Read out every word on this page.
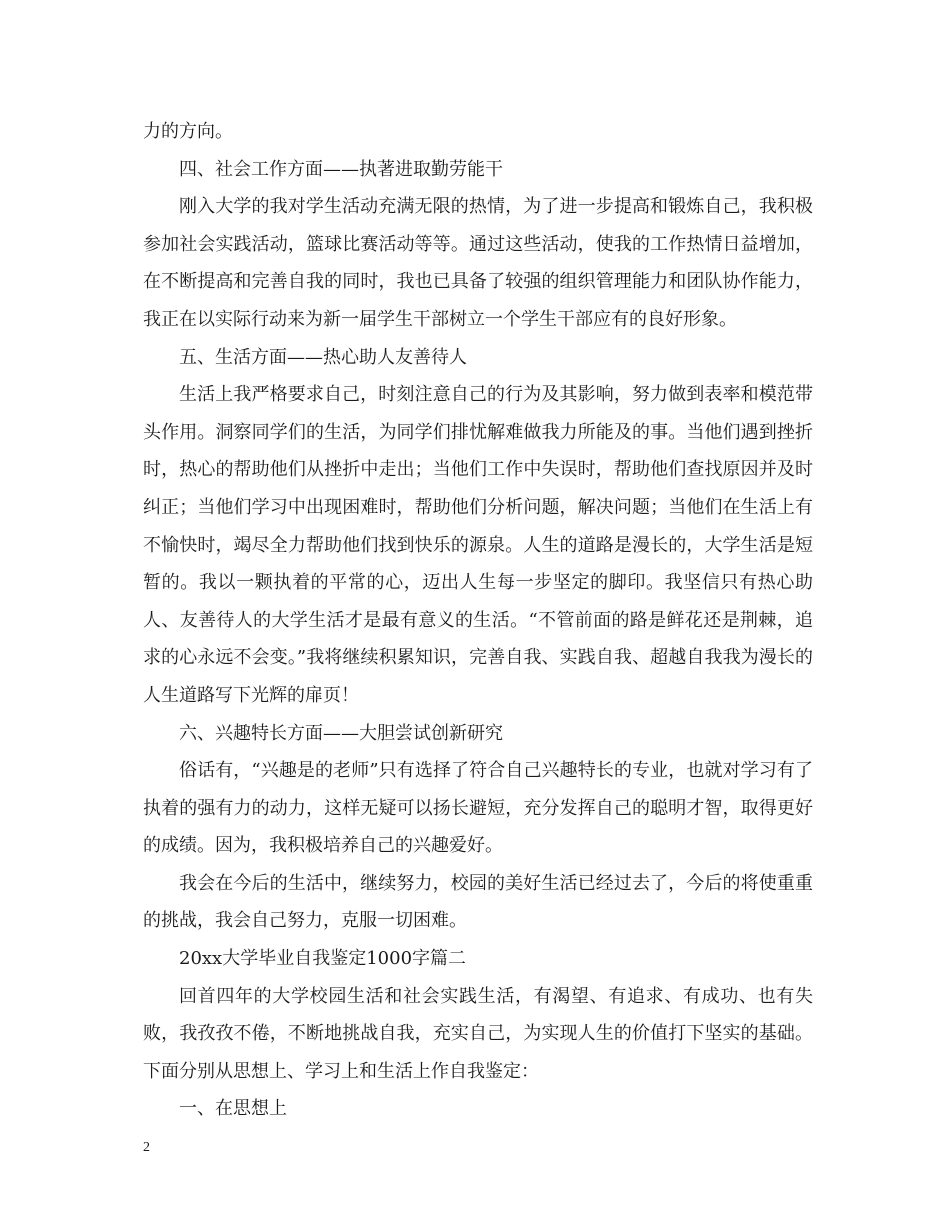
力的方向。

四、社会工作方面——执著进取勤劳能干

刚入大学的我对学生活动充满无限的热情，为了进一步提高和锻炼自己，我积极参加社会实践活动，篮球比赛活动等等。通过这些活动，使我的工作热情日益增加，在不断提高和完善自我的同时，我也已具备了较强的组织管理能力和团队协作能力，我正在以实际行动来为新一届学生干部树立一个学生干部应有的良好形象。

五、生活方面——热心助人友善待人

生活上我严格要求自己，时刻注意自己的行为及其影响，努力做到表率和模范带头作用。洞察同学们的生活，为同学们排忧解难做我力所能及的事。当他们遇到挫折时，热心的帮助他们从挫折中走出；当他们工作中失误时，帮助他们查找原因并及时纠正；当他们学习中出现困难时，帮助他们分析问题，解决问题；当他们在生活上有不愉快时，竭尽全力帮助他们找到快乐的源泉。人生的道路是漫长的，大学生活是短暂的。我以一颗执着的平常的心，迈出人生每一步坚定的脚印。我坚信只有热心助人、友善待人的大学生活才是最有意义的生活。“不管前面的路是鲜花还是荆棘，追求的心永远不会变。”我将继续积累知识，完善自我、实践自我、超越自我我为漫长的人生道路写下光辉的扉页！

六、兴趣特长方面——大胆尝试创新研究

俗话有，“兴趣是的老师”只有选择了符合自己兴趣特长的专业，也就对学习有了执着的强有力的动力，这样无疑可以扬长避短，充分发挥自己的聪明才智，取得更好的成绩。因为，我积极培养自己的兴趣爱好。

我会在今后的生活中，继续努力，校园的美好生活已经过去了，今后的将使重重的挑战，我会自己努力，克服一切困难。

20xx大学毕业自我鉴定1000字篇二

回首四年的大学校园生活和社会实践生活，有渴望、有追求、有成功、也有失败，我孜孜不倦，不断地挑战自我，充实自己，为实现人生的价值打下坚实的基础。下面分别从思想上、学习上和生活上作自我鉴定：

一、在思想上

2
